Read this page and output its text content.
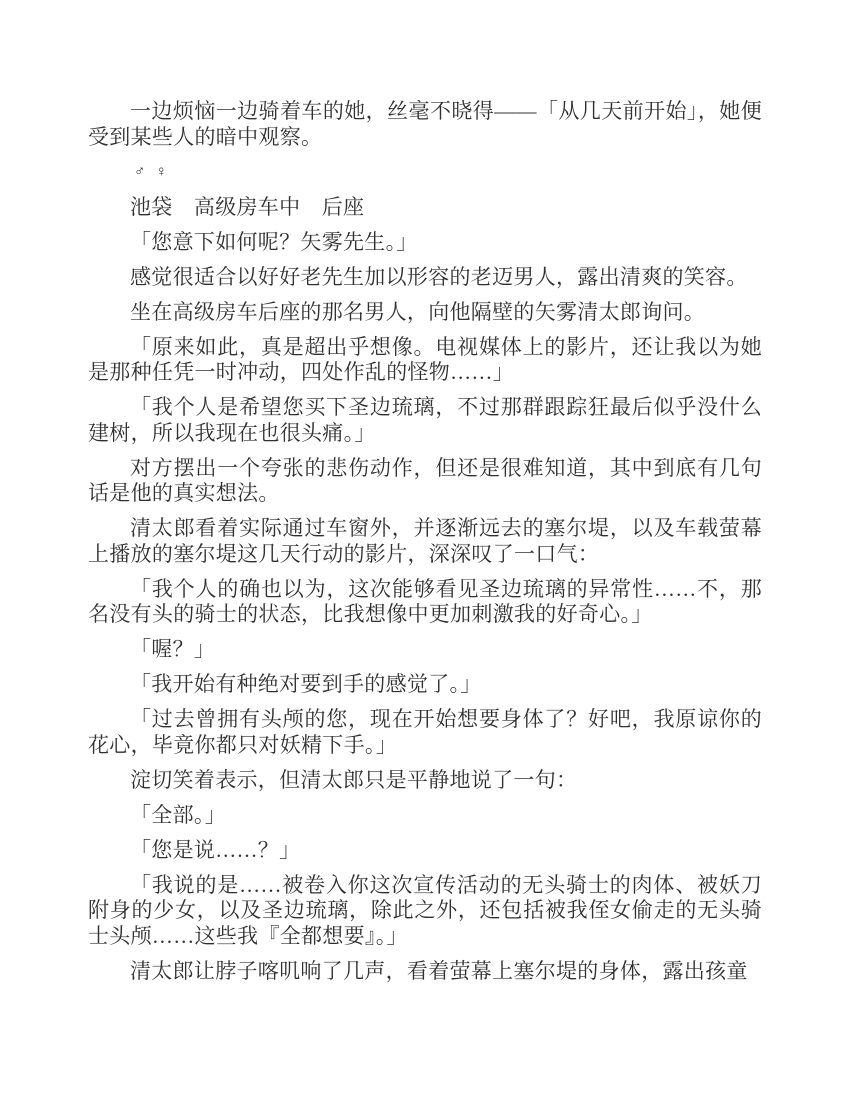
一边烦恼一边骑着车的她，丝毫不晓得——「从几天前开始」，她便受到某些人的暗中观察。

♂ ♀

池袋　高级房车中　后座

「您意下如何呢？矢雾先生。」

感觉很适合以好好老先生加以形容的老迈男人，露出清爽的笑容。

坐在高级房车后座的那名男人，向他隔壁的矢雾清太郎询问。

「原来如此，真是超出乎想像。电视媒体上的影片，还让我以为她是那种任凭一时冲动，四处作乱的怪物……」

「我个人是希望您买下圣边琉璃，不过那群跟踪狂最后似乎没什么建树，所以我现在也很头痛。」

对方摆出一个夸张的悲伤动作，但还是很难知道，其中到底有几句话是他的真实想法。

清太郎看着实际通过车窗外，并逐渐远去的塞尔堤，以及车载萤幕上播放的塞尔堤这几天行动的影片，深深叹了一口气：

「我个人的确也以为，这次能够看见圣边琉璃的异常性……不，那名没有头的骑士的状态，比我想像中更加刺激我的好奇心。」

「喔？」

「我开始有种绝对要到手的感觉了。」

「过去曾拥有头颅的您，现在开始想要身体了？好吧，我原谅你的花心，毕竟你都只对妖精下手。」

淀切笑着表示，但清太郎只是平静地说了一句：

「全部。」

「您是说……？」

「我说的是……被卷入你这次宣传活动的无头骑士的肉体、被妖刀附身的少女，以及圣边琉璃，除此之外，还包括被我侄女偷走的无头骑士头颅……这些我『全都想要』。」

清太郎让脖子喀叽响了几声，看着萤幕上塞尔堤的身体，露出孩童
